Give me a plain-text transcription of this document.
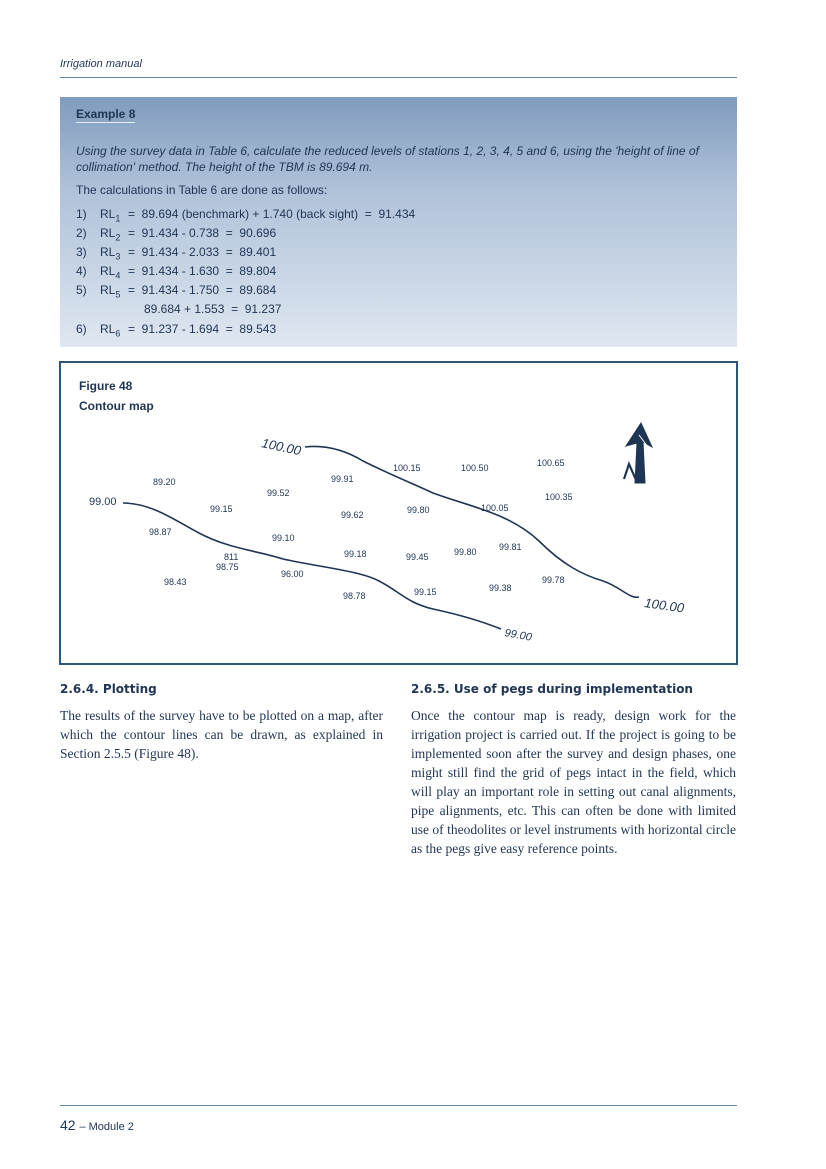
Irrigation manual
Example 8
Using the survey data in Table 6, calculate the reduced levels of stations 1, 2, 3, 4, 5 and 6, using the 'height of line of collimation' method. The height of the TBM is 89.694 m.
The calculations in Table 6 are done as follows:
1) $RL_1 = 89.694$ (benchmark) + 1.740 (back sight)  =  91.434
2) $RL_2 = 91.434 - 0.738 = 90.696$
3) $RL_3 = 91.434 - 2.033 = 89.401$
4) $RL_4 = 91.434 - 1.630 = 89.804$
5) $RL_5 = 91.434 - 1.750 = 89.684$
89.684 + 1.553  =  91.237
6) $RL_6 = 91.237 - 1.694 = 89.543$
Figure 48
Contour map
100.00
100.00
99.00
99.00
89.20
99.52
99.91
100.15	100.50	100.65
100.35
99.15
99.62	99.80	100.05
98.87
99.10
99.81
811
98.75
99.18	99.45	99.80
96.00
99.78
98.43
98.78	99.15	99.38
2.6.4. Plotting
The results of the survey have to be plotted on a map, after which the contour lines can be drawn, as explained in Section 2.5.5 (Figure 48).
2.6.5. Use of pegs during implementation
Once the contour map is ready, design work for the irrigation project is carried out. If the project is going to be implemented soon after the survey and design phases, one might still find the grid of pegs intact in the field, which will play an important role in setting out canal alignments, pipe alignments, etc. This can often be done with limited use of theodolites or level instruments with horizontal circle as the pegs give easy reference points.
42 – Module 2
